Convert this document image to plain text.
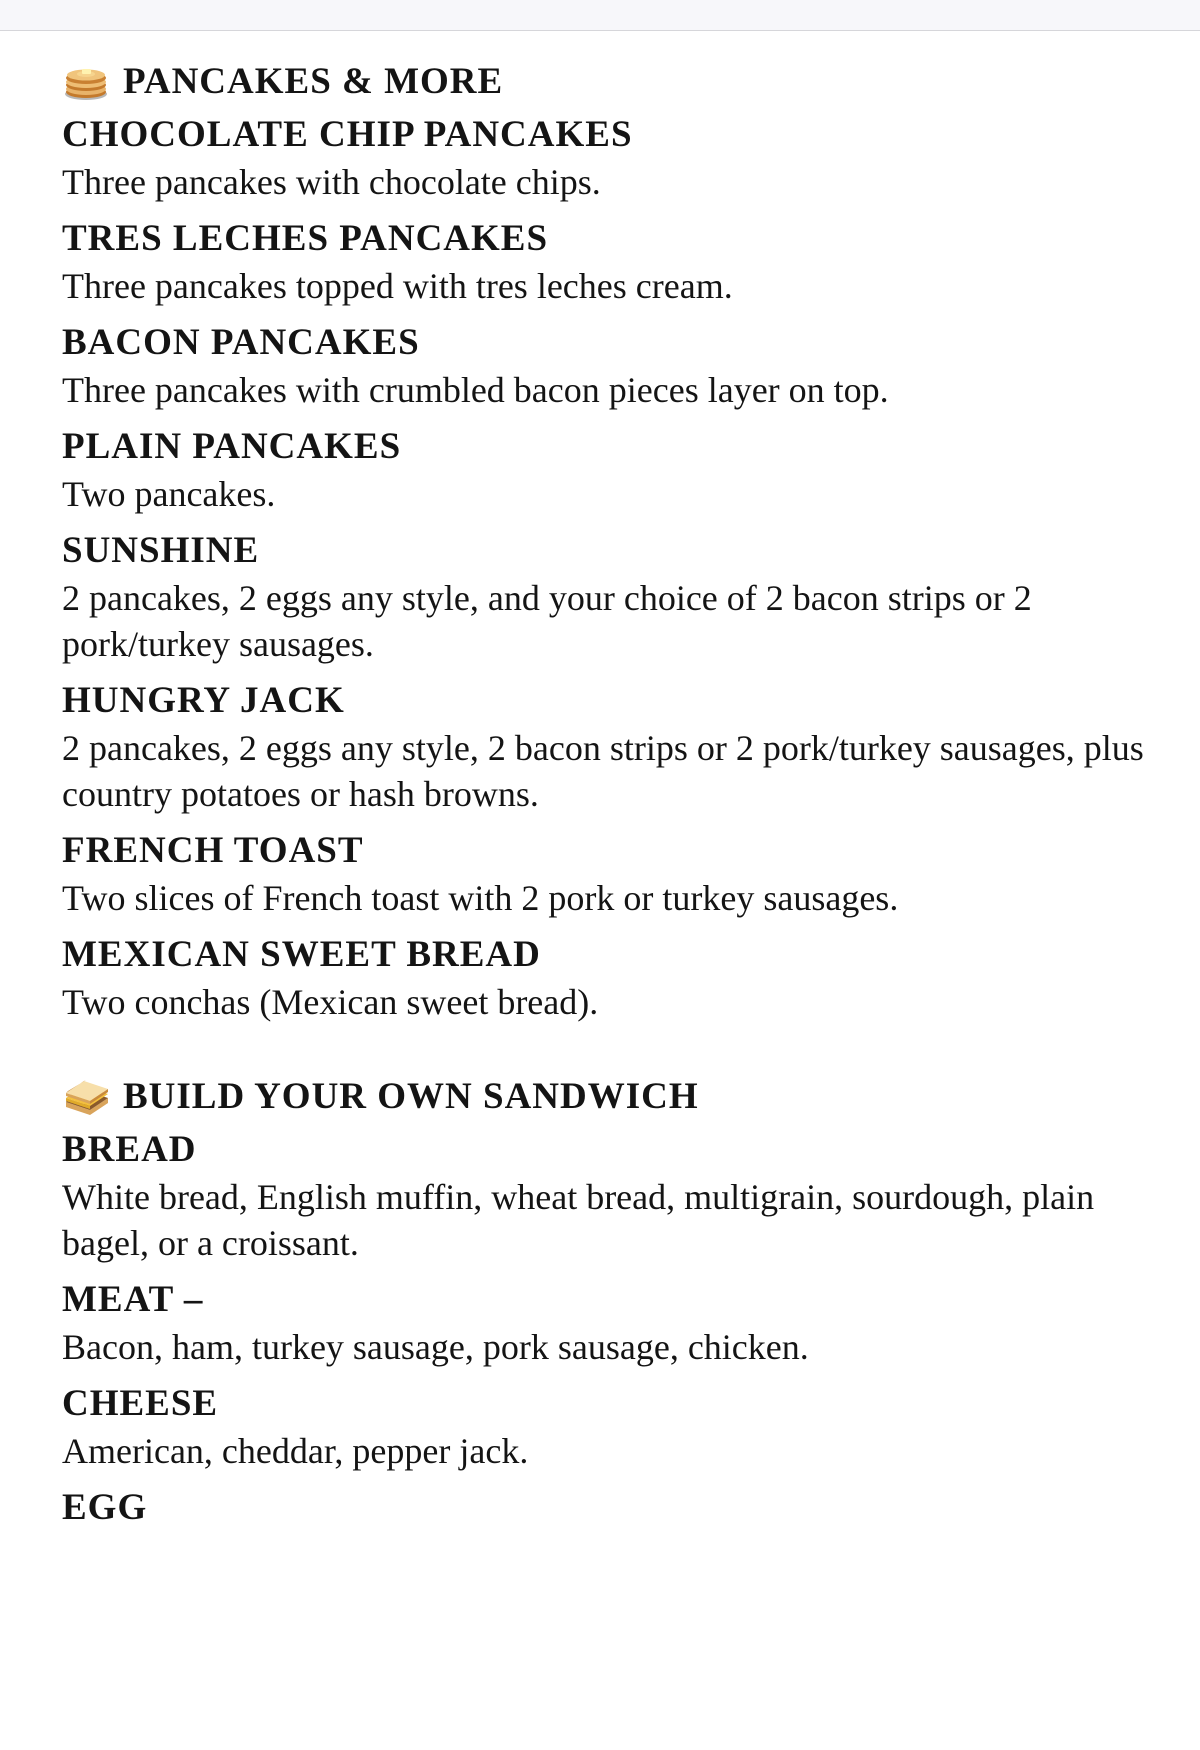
PANCAKES & MORE
CHOCOLATE CHIP PANCAKES
Three pancakes with chocolate chips.
TRES LECHES PANCAKES
Three pancakes topped with tres leches cream.
BACON PANCAKES
Three pancakes with crumbled bacon pieces layer on top.
PLAIN PANCAKES
Two pancakes.
SUNSHINE
2 pancakes, 2 eggs any style, and your choice of 2 bacon strips or 2 pork/turkey sausages.
HUNGRY JACK
2 pancakes, 2 eggs any style, 2 bacon strips or 2 pork/turkey sausages, plus country potatoes or hash browns.
FRENCH TOAST
Two slices of French toast with 2 pork or turkey sausages.
MEXICAN SWEET BREAD
Two conchas (Mexican sweet bread).
BUILD YOUR OWN SANDWICH
BREAD
White bread, English muffin, wheat bread, multigrain, sourdough, plain bagel, or a croissant.
MEAT –
Bacon, ham, turkey sausage, pork sausage, chicken.
CHEESE
American, cheddar, pepper jack.
EGG
